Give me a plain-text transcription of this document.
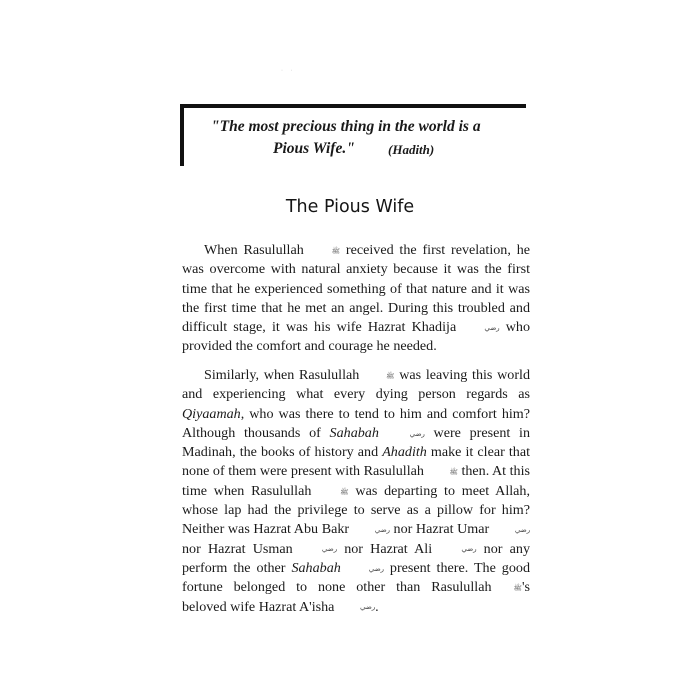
· ·
"The most precious thing in the world is a
Pious Wife."	(Hadith)
The Pious Wife

When Rasulullah ﷺ	received the first revelation, he was overcome with natural anxiety because it was the first time that he experienced something of that nature and it was the first time that he met an angel. During this troubled and difficult stage, it was his wife Hazrat Khadija رضي	who provided the comfort and courage he needed.

Similarly, when Rasulullah ﷺ	was leaving this world and experiencing what every dying person regards as Qiyaamah, who was there to tend to him and comfort him? Although thousands of Sahabah رضي	were present in Madinah, the books of history and Ahadith make it clear that none of them were present with Rasulullah ﷺ	then. At this time when Rasulullah ﷺ	was departing to meet Allah, whose lap had the privilege to serve as a pillow for him? Neither was Hazrat Abu Bakr رضي	nor Hazrat Umar رضي nor Hazrat Usman رضي	nor Hazrat Ali رضي	nor any perform the other Sahabah رضي	present there. The good fortune belonged to none other than Rasulullah ﷺ 's beloved wife Hazrat A'isha رضي	.
